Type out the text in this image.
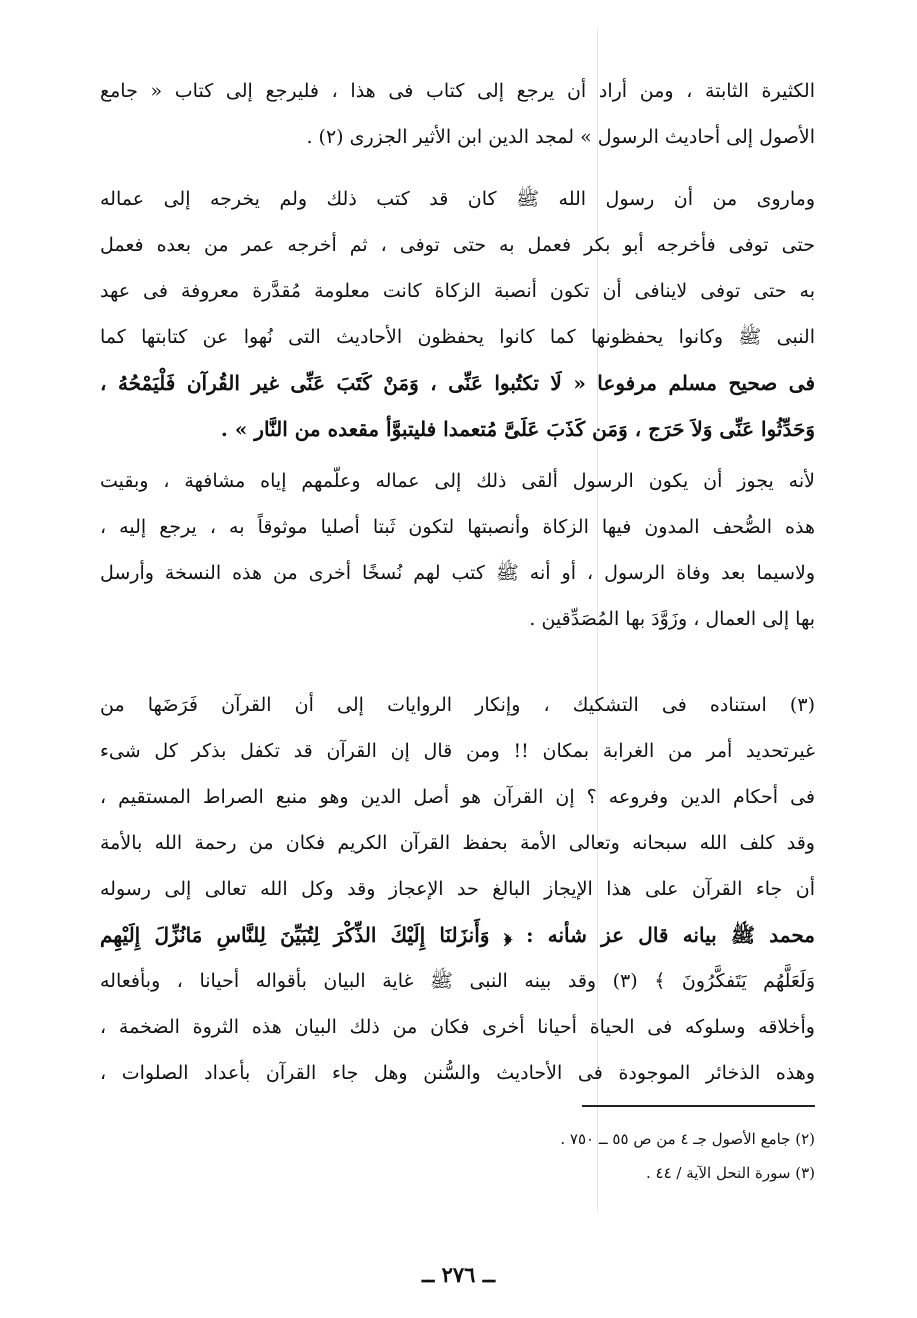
الكثيرة الثابتة ، ومن أراد أن يرجع إلى كتاب فى هذا ، فليرجع إلى كتاب « جامع
الأصول إلى أحاديث الرسول » لمجد الدين ابن الأثير الجزرى (٢) .
وماروى من أن رسول الله ﷺ كان قد كتب ذلك ولم يخرجه إلى عماله
حتى توفى فأخرجه أبو بكر فعمل به حتى توفى ، ثم أخرجه عمر من بعده فعمل
به حتى توفى لاينافى أن تكون أنصبة الزكاة كانت معلومة مُقدَّرة معروفة فى عهد
النبى ﷺ وكانوا يحفظونها كما كانوا يحفظون الأحاديث التى نُهوا عن كتابتها كما
فى صحيح مسلم مرفوعا « لَا تكتُبوا عَنِّى ، وَمَنْ كَتَبَ عَنِّى غير القُرآن فَلْيَمْحُهُ ،
وَحَدِّثُوا عَنِّى وَلاَ حَرَج ، وَمَن كَذَبَ عَلَىَّ مُتعمدا فليتبوَّأ مقعده من النَّار » .
لأنه يجوز أن يكون الرسول ألقى ذلك إلى عماله وعلّمهم إياه مشافهة ، وبقيت
هذه الصُّحف المدون فيها الزكاة وأنصبتها لتكون ثَبتا أصليا موثوقاً به ، يرجع إليه ،
ولاسيما بعد وفاة الرسول ، أو أنه ﷺ كتب لهم نُسخًا أخرى من هذه النسخة وأرسل
بها إلى العمال ، وزَوَّدَ بها المُصَدِّقين .
(٣) استناده فى التشكيك ، وإنكار الروايات إلى أن القرآن فَرَضَها من
غيرتحديد أمر من الغرابة بمكان !! ومن قال إن القرآن قد تكفل بذكر كل شىء
فى أحكام الدين وفروعه ؟ إن القرآن هو أصل الدين وهو منبع الصراط المستقيم ،
وقد كلف الله سبحانه وتعالى الأمة بحفظ القرآن الكريم فكان من رحمة الله بالأمة
أن جاء القرآن على هذا الإيجاز البالغ حد الإعجاز وقد وكل الله تعالى إلى رسوله
محمد ﷺ بيانه قال عز شأنه : ﴿ وَأَنزَلنَا إِلَيْكَ الذِّكْرَ لِتُبَيِّنَ لِلنَّاسِ مَانُزِّلَ إِلَيْهِم
وَلَعَلَّهُم يَتَفكَّرُونَ ﴾ (٣) وقد بينه النبى ﷺ غاية البيان بأقواله أحيانا ، وبأفعاله
وأخلاقه وسلوكه فى الحياة أحيانا أخرى فكان من ذلك البيان هذه الثروة الضخمة ،
وهذه الذخائر الموجودة فى الأحاديث والسُّنن وهل جاء القرآن بأعداد الصلوات ،
(٢) جامع الأصول جـ ٤ من ص ٥٥ ــ ٧٥٠ .
(٣) سورة النحل الآية / ٤٤ .
ــ ٢٧٦ ــ
